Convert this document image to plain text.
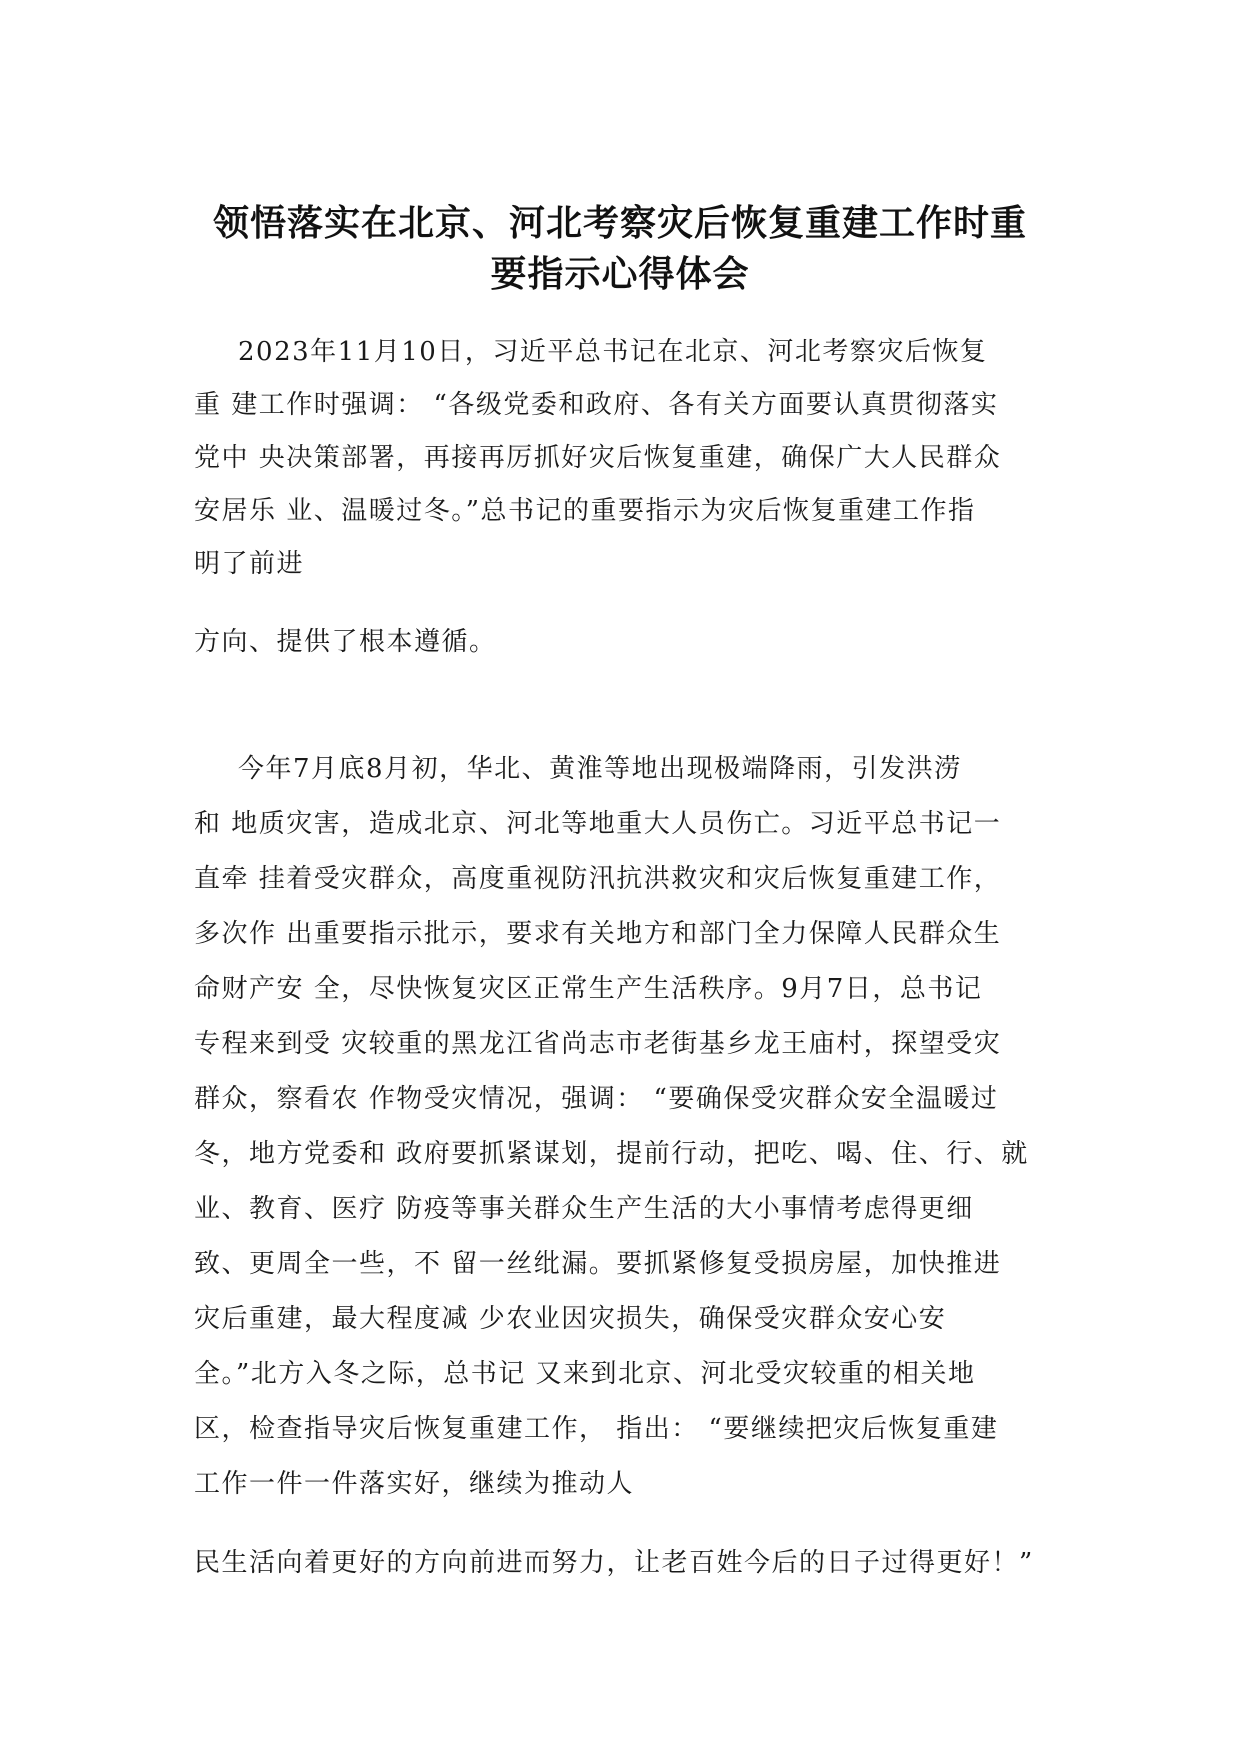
领悟落实在北京、河北考察灾后恢复重建工作时重
要指示心得体会
2023年11月10日，习近平总书记在北京、河北考察灾后恢复
重 建工作时强调： “各级党委和政府、各有关方面要认真贯彻落实
党中 央决策部署，再接再厉抓好灾后恢复重建，确保广大人民群众
安居乐 业、温暖过冬。”总书记的重要指示为灾后恢复重建工作指
明了前进
方向、提供了根本遵循。
今年7月底8月初，华北、黄淮等地出现极端降雨，引发洪涝
和 地质灾害，造成北京、河北等地重大人员伤亡。习近平总书记一
直牵 挂着受灾群众，高度重视防汛抗洪救灾和灾后恢复重建工作，
多次作 出重要指示批示，要求有关地方和部门全力保障人民群众生
命财产安 全，尽快恢复灾区正常生产生活秩序。9月7日，总书记
专程来到受 灾较重的黑龙江省尚志市老街基乡龙王庙村，探望受灾
群众，察看农 作物受灾情况，强调： “要确保受灾群众安全温暖过
冬，地方党委和 政府要抓紧谋划，提前行动，把吃、喝、住、行、就
业、教育、医疗 防疫等事关群众生产生活的大小事情考虑得更细
致、更周全一些，不 留一丝纰漏。要抓紧修复受损房屋，加快推进
灾后重建，最大程度减 少农业因灾损失，确保受灾群众安心安
全。”北方入冬之际，总书记 又来到北京、河北受灾较重的相关地
区，检查指导灾后恢复重建工作， 指出： “要继续把灾后恢复重建
工作一件一件落实好，继续为推动人
民生活向着更好的方向前进而努力，让老百姓今后的日子过得更好！”
